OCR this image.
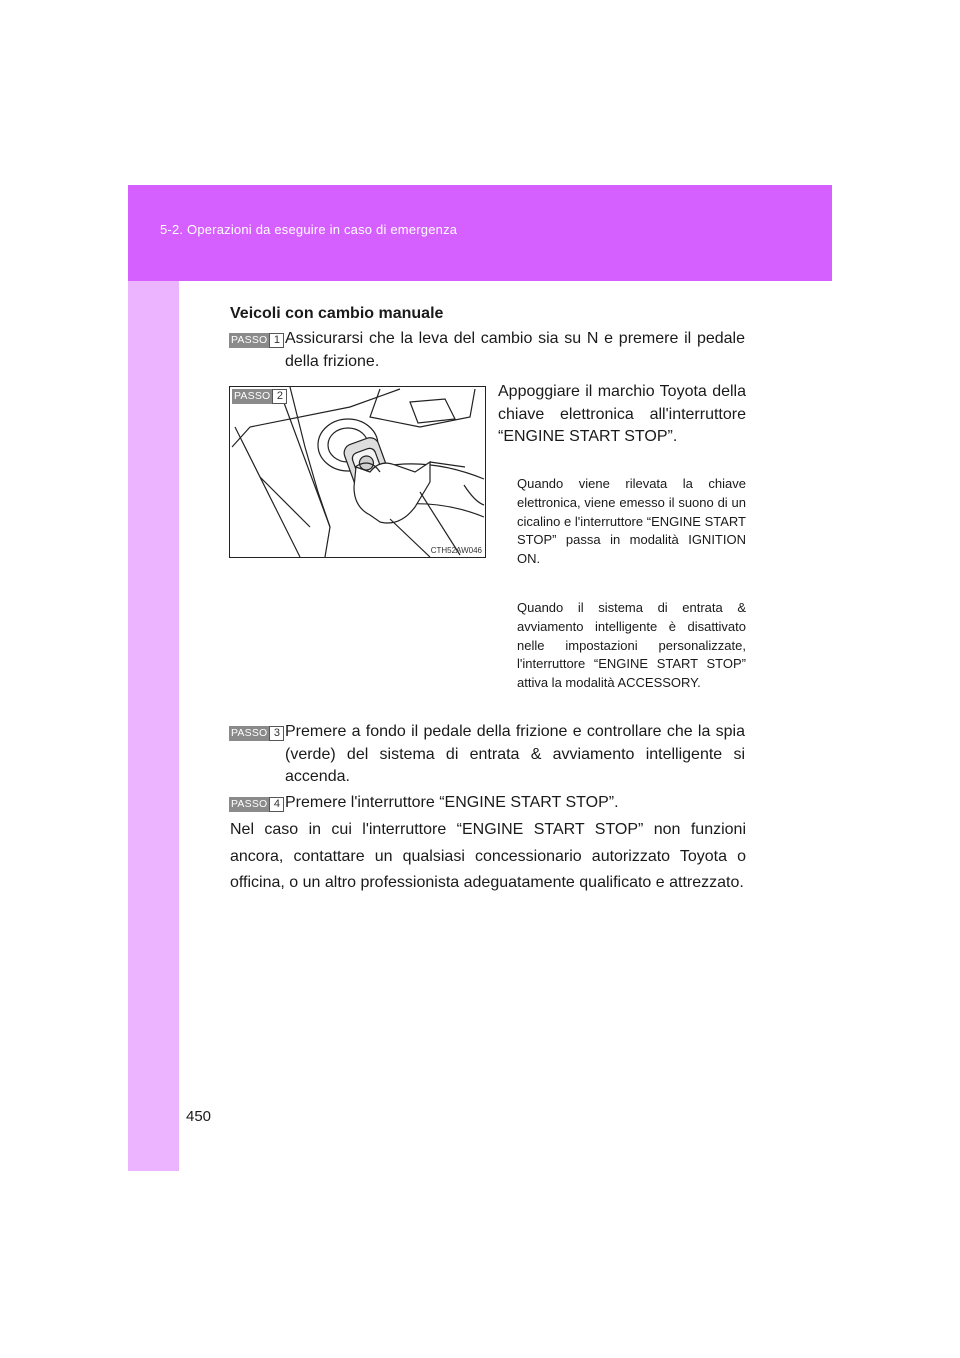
5-2. Operazioni da eseguire in caso di emergenza
450
Veicoli con cambio manuale
PASSO 1 Assicurarsi che la leva del cambio sia su N e premere il pedale della frizione.
PASSO 2
CTH52AW046
Appoggiare il marchio Toyota della chiave elettronica all'interruttore “ENGINE START STOP”.
Quando viene rilevata la chiave elettronica, viene emesso il suono di un cicalino e l'interruttore “ENGINE START STOP” passa in modalità IGNITION ON.
Quando il sistema di entrata & avviamento intelligente è disattivato nelle impostazioni personalizzate, l'interruttore “ENGINE START STOP” attiva la modalità ACCESSORY.
PASSO 3 Premere a fondo il pedale della frizione e controllare che la spia (verde) del sistema di entrata & avviamento intelligente si accenda.
PASSO 4 Premere l'interruttore “ENGINE START STOP”.
Nel caso in cui l'interruttore “ENGINE START STOP” non funzioni ancora, contattare un qualsiasi concessionario autorizzato Toyota o officina, o un altro professionista adeguatamente qualificato e attrezzato.
